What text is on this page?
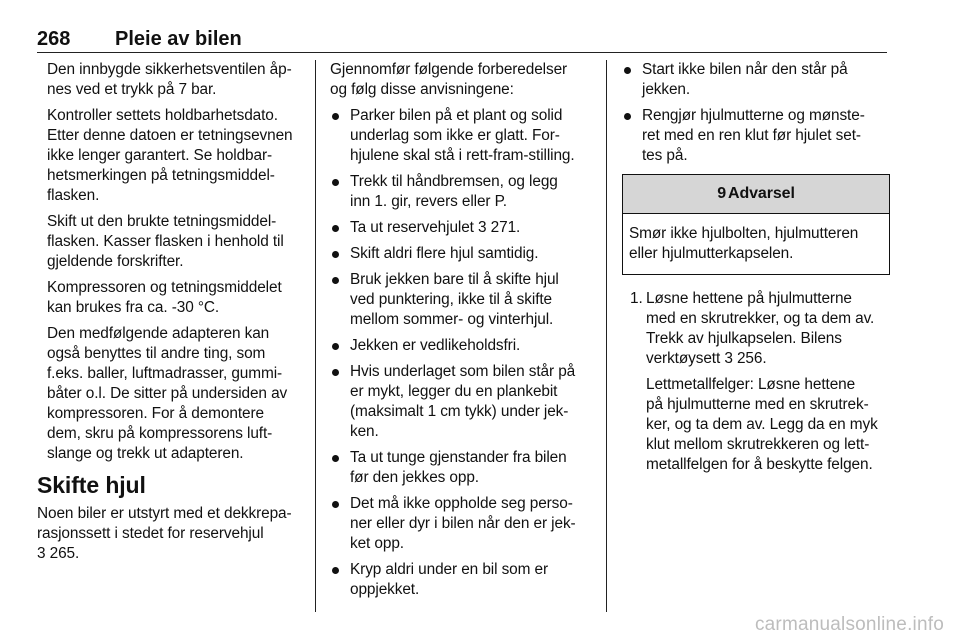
268 Pleie av bilen
Den innbygde sikkerhetsventilen åp-
nes ved et trykk på 7 bar.
Kontroller settets holdbarhetsdato.
Etter denne datoen er tetningsevnen
ikke lenger garantert. Se holdbar-
hetsmerkingen på tetningsmiddel-
flasken.
Skift ut den brukte tetningsmiddel-
flasken. Kasser flasken i henhold til
gjeldende forskrifter.
Kompressoren og tetningsmiddelet
kan brukes fra ca. -30 °C.
Den medfølgende adapteren kan
også benyttes til andre ting, som
f.eks. baller, luftmadrasser, gummi-
båter o.l. De sitter på undersiden av
kompressoren. For å demontere
dem, skru på kompressorens luft-
slange og trekk ut adapteren.
Skifte hjul
Noen biler er utstyrt med et dekkrepa-
rasjonssett i stedet for reservehjul
3 265.
Gjennomfør følgende forberedelser
og følg disse anvisningene:
Parker bilen på et plant og solid
underlag som ikke er glatt. For-
hjulene skal stå i rett-fram-stilling.
Trekk til håndbremsen, og legg
inn 1. gir, revers eller P.
Ta ut reservehjulet 3 271.
Skift aldri flere hjul samtidig.
Bruk jekken bare til å skifte hjul
ved punktering, ikke til å skifte
mellom sommer- og vinterhjul.
Jekken er vedlikeholdsfri.
Hvis underlaget som bilen står på
er mykt, legger du en plankebit
(maksimalt 1 cm tykk) under jek-
ken.
Ta ut tunge gjenstander fra bilen
før den jekkes opp.
Det må ikke oppholde seg perso-
ner eller dyr i bilen når den er jek-
ket opp.
Kryp aldri under en bil som er
oppjekket.
Start ikke bilen når den står på
jekken.
Rengjør hjulmutterne og mønste-
ret med en ren klut før hjulet set-
tes på.
9 Advarsel
Smør ikke hjulbolten, hjulmutteren
eller hjulmutterkapselen.
1. Løsne hettene på hjulmutterne
med en skrutrekker, og ta dem av.
Trekk av hjulkapselen. Bilens
verktøysett 3 256.
Lettmetallfelger: Løsne hettene
på hjulmutterne med en skrutrek-
ker, og ta dem av. Legg da en myk
klut mellom skrutrekkeren og lett-
metallfelgen for å beskytte felgen.
carmanualsonline.info
